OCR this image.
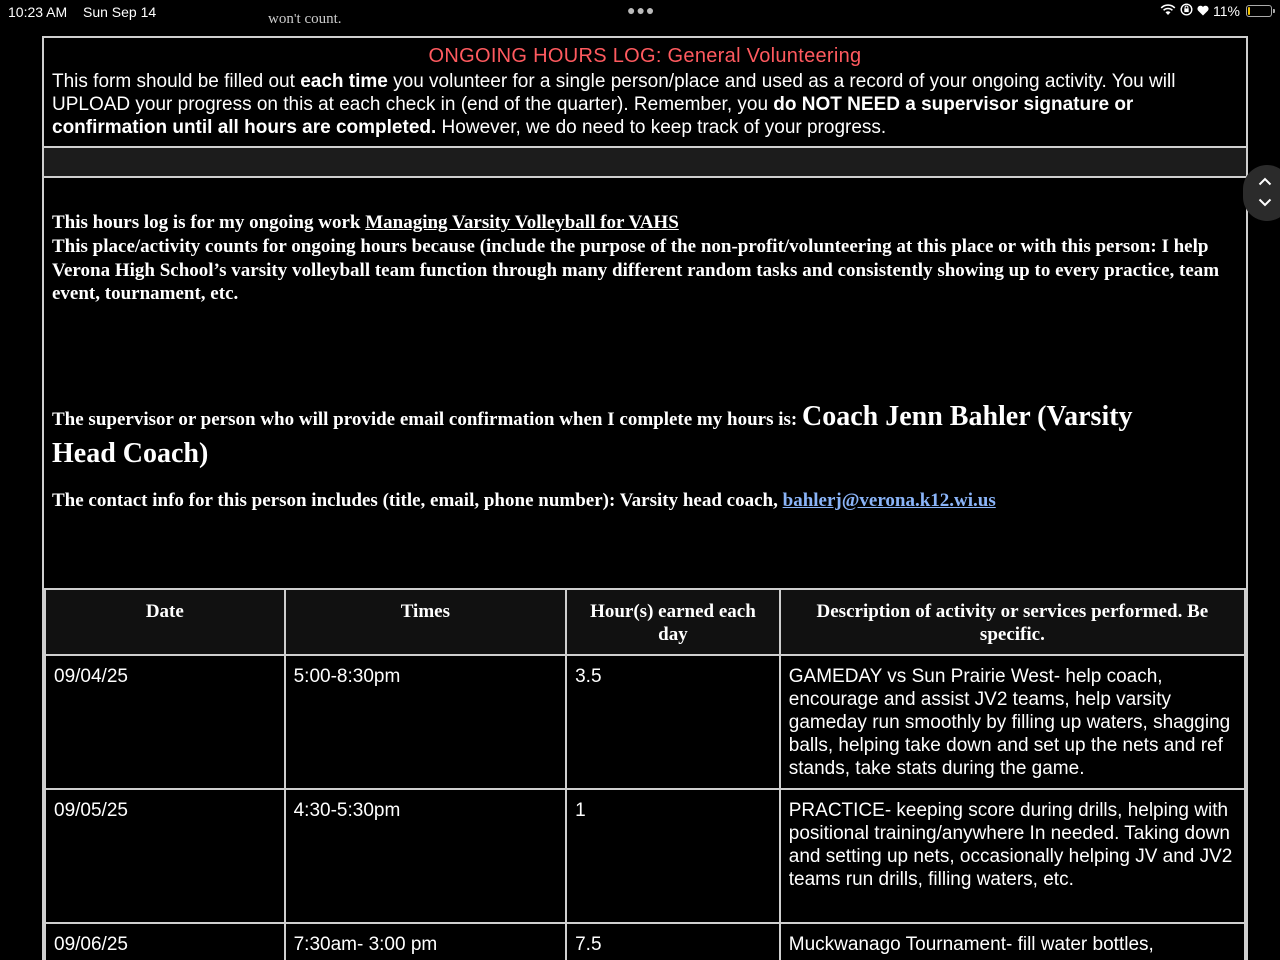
10:23 AM Sun Sep 14	●●●	11%
won't count.
ONGOING HOURS LOG: General Volunteering
This form should be filled out each time you volunteer for a single person/place and used as a record of your ongoing activity. You will UPLOAD your progress on this at each check in (end of the quarter). Remember, you do NOT NEED a supervisor signature or confirmation until all hours are completed. However, we do need to keep track of your progress.
This hours log is for my ongoing work Managing Varsity Volleyball for VAHS
This place/activity counts for ongoing hours because (include the purpose of the non-profit/volunteering at this place or with this person: I help Verona High School’s varsity volleyball team function through many different random tasks and consistently showing up to every practice, team event, tournament, etc.
The supervisor or person who will provide email confirmation when I complete my hours is: Coach Jenn Bahler (Varsity Head Coach)
The contact info for this person includes (title, email, phone number): Varsity head coach, bahlerj@verona.k12.wi.us
Date	Times	Hour(s) earned each day	Description of activity or services performed. Be specific.
09/04/25	5:00-8:30pm	3.5	GAMEDAY vs Sun Prairie West- help coach, encourage and assist JV2 teams, help varsity gameday run smoothly by filling up waters, shagging balls, helping take down and set up the nets and ref stands, take stats during the game.
09/05/25	4:30-5:30pm	1	PRACTICE- keeping score during drills, helping with positional training/anywhere In needed. Taking down and setting up nets, occasionally helping JV and JV2 teams run drills, filling waters, etc.
09/06/25	7:30am- 3:00 pm	7.5	Muckwanago Tournament- fill water bottles,
